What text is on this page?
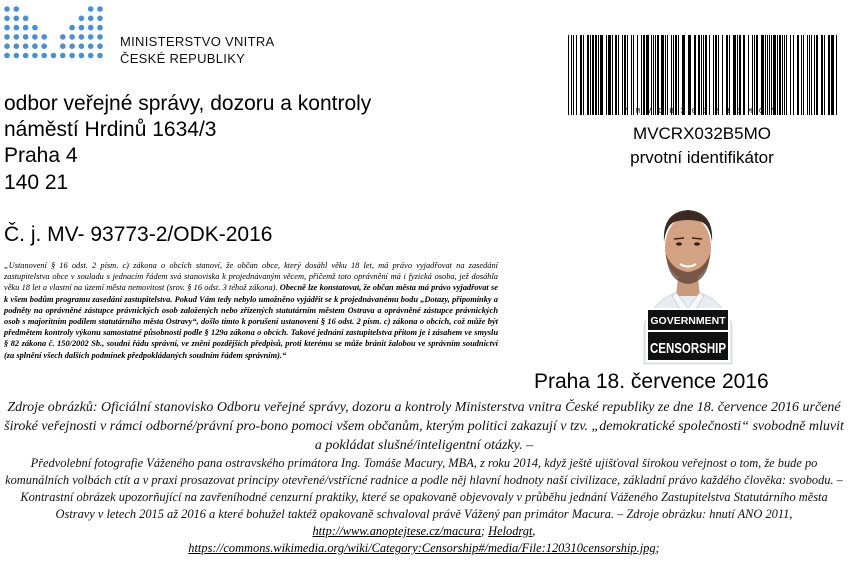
MINISTERSTVO VNITRA
ČESKÉ REPUBLIKY
odbor veřejné správy, dozoru a kontroly
náměstí Hrdinů 1634/3
Praha 4
140 21
Č. j. MV- 93773-2/ODK-2016
„Ustanovení § 16 odst. 2 písm. c) zákona o obcích stanoví, že občan obce, který dosáhl věku 18 let, má právo vyjadřovat na zasedání zastupitelstva obce v souladu s jednacím řádem svá stanoviska k projednávaným věcem, přičemž toto oprávnění má i fyzická osoba, jež dosáhla věku 18 let a vlastní na území města nemovitost (srov. § 16 odst. 3 téhož zákona). Obecně lze konstatovat, že občan města má právo vyjadřovat se k všem bodům programu zasedání zastupitelstva. Pokud Vám tedy nebylo umožněno vyjádřit se k projednávanému bodu „Dotazy, připomínky a podněty na oprávněné zástupce právnických osob založených nebo zřízených statutárním městem Ostrava a oprávněné zástupce právnických osob s majoritním podílem statutárního města Ostravy“, došlo tímto k porušení ustanovení § 16 odst. 2 písm. c) zákona o obcích, což může být předmětem kontroly výkonu samostatné působnosti podle § 129a zákona o obcích. Takové jednání zastupitelstva přitom je i zásahem ve smyslu § 82 zákona č. 150/2002 Sb., soudní řádu správní, ve znění pozdějších předpisů, proti kterému se může bránit žalobou ve správním soudnictví (za splnění všech dalších podmínek předpokládaných soudním řádem správním).“
*MVCRX032B5MO*
MVCRX032B5MO
prvotní identifikátor
GOVERNMENT
CENSORSHIP
Praha 18. července 2016
Zdroje obrázků: Oficiální stanovisko Odboru veřejné správy, dozoru a kontroly Ministerstva vnitra České republiky ze dne 18. července 2016 určené široké veřejnosti v rámci odborné/právní pro-bono pomoci všem občanům, kterým politici zakazují v tzv. „demokratické společnosti“ svobodně mluvit a pokládat slušné/inteligentní otázky. –
Předvolební fotografie Váženého pana ostravského primátora Ing. Tomáše Macury, MBA, z roku 2014, když ještě ujišťoval širokou veřejnost o tom, že bude po komunálních volbách ctít a v praxi prosazovat principy otevřené/vstřícné radnice a podle něj hlavní hodnoty naší civilizace, základní právo každého člověka: svobodu. – Kontrastní obrázek upozorňující na zavřeníhodné cenzurní praktiky, které se opakovaně objevovaly v průběhu jednání Váženého Zastupitelstva Statutárního města Ostravy v letech 2015 až 2016 a které bohužel taktéž opakovaně schvaloval právě Vážený pan primátor Macura. – Zdroje obrázku: hnutí ANO 2011, http://www.anoptejtese.cz/macura; Helodrgt,
https://commons.wikimedia.org/wiki/Category:Censorship#/media/File:120310censorship.jpg;
